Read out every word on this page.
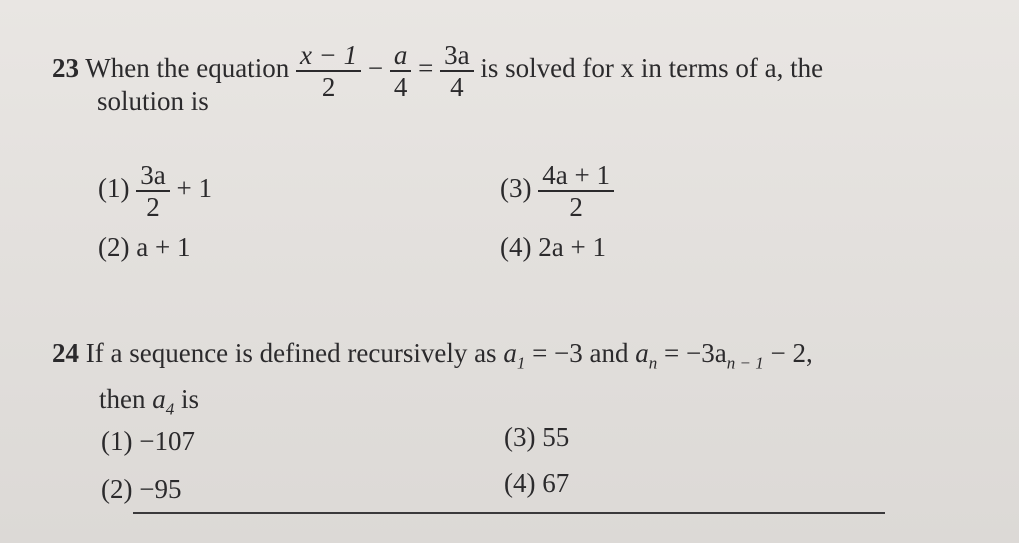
23 When the equation $\frac{x - 1}{2} - \frac{a}{4} = \frac{3a}{4}$ is solved for x in terms of a, the
solution is
$(1) \frac{3a}{2} + 1$
(2) a + 1
$(3) \frac{4a + 1}{2}$
(4) 2a + 1
24 If a sequence is defined recursively as $a_1 = -3$ and $a_n = -3a_{n - 1} - 2$,
then $a_4$ is
(1) −107
(2) −95
(3) 55
(4) 67
